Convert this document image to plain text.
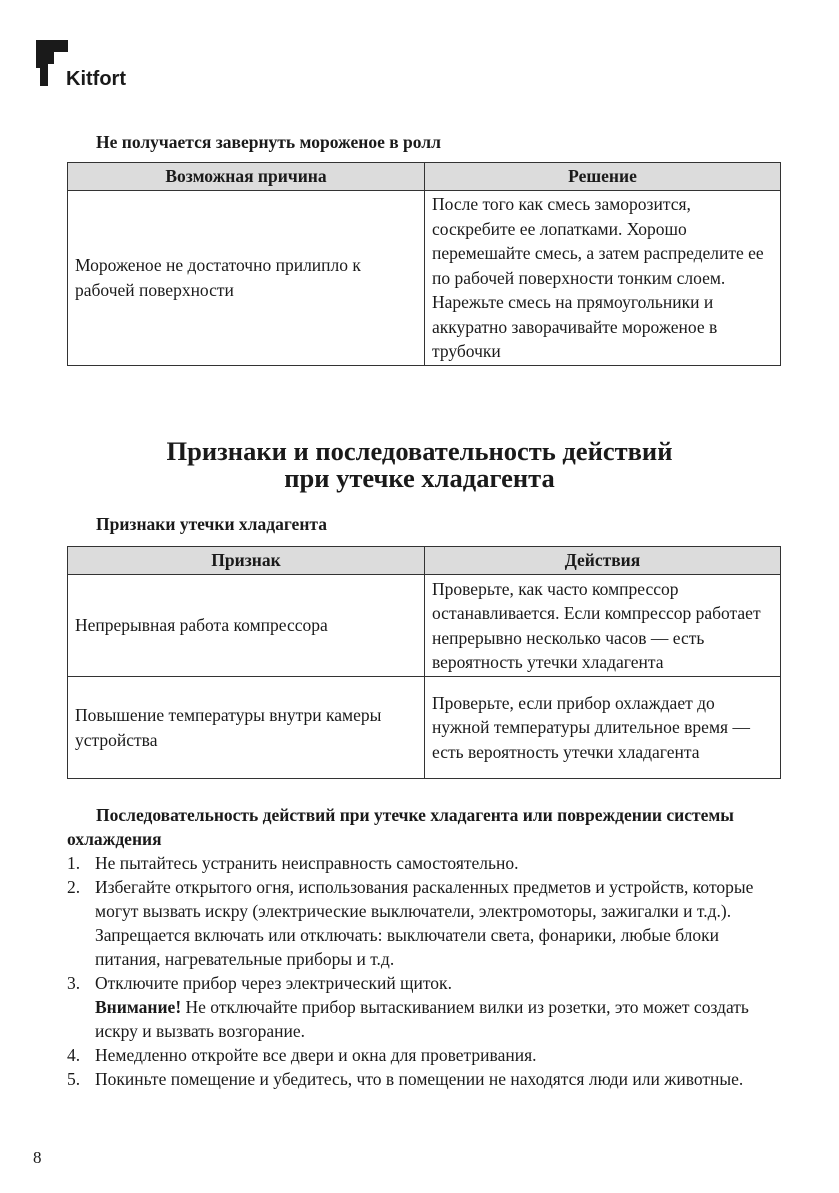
Kitfort
Не получается завернуть мороженое в ролл
Возможная причина	Решение
Мороженое не достаточно прилипло к рабочей поверхности	После того как смесь заморозится, соскребите ее лопатками. Хорошо перемешайте смесь, а затем распределите ее по рабочей поверхности тонким слоем. Нарежьте смесь на прямоугольники и аккуратно заворачивайте мороженое в трубочки
Признаки и последовательность действий
при утечке хладагента
Признаки утечки хладагента
Признак	Действия
Непрерывная работа компрессора	Проверьте, как часто компрессор останавливается. Если компрессор работает непрерывно несколько часов — есть вероятность утечки хладагента
Повышение температуры внутри камеры устройства	Проверьте, если прибор охлаждает до нужной температуры длительное время — есть вероятность утечки хладагента
Последовательность действий при утечке хладагента или повреждении системы охлаждения
1. Не пытайтесь устранить неисправность самостоятельно.
2. Избегайте открытого огня, использования раскаленных предметов и устройств, которые могут вызвать искру (электрические выключатели, электромоторы, зажигалки и т.д.). Запрещается включать или отключать: выключатели света, фонарики, любые блоки питания, нагревательные приборы и т.д.
3. Отключите прибор через электрический щиток.
Внимание! Не отключайте прибор вытаскиванием вилки из розетки, это может создать искру и вызвать возгорание.
4. Немедленно откройте все двери и окна для проветривания.
5. Покиньте помещение и убедитесь, что в помещении не находятся люди или животные.
8
